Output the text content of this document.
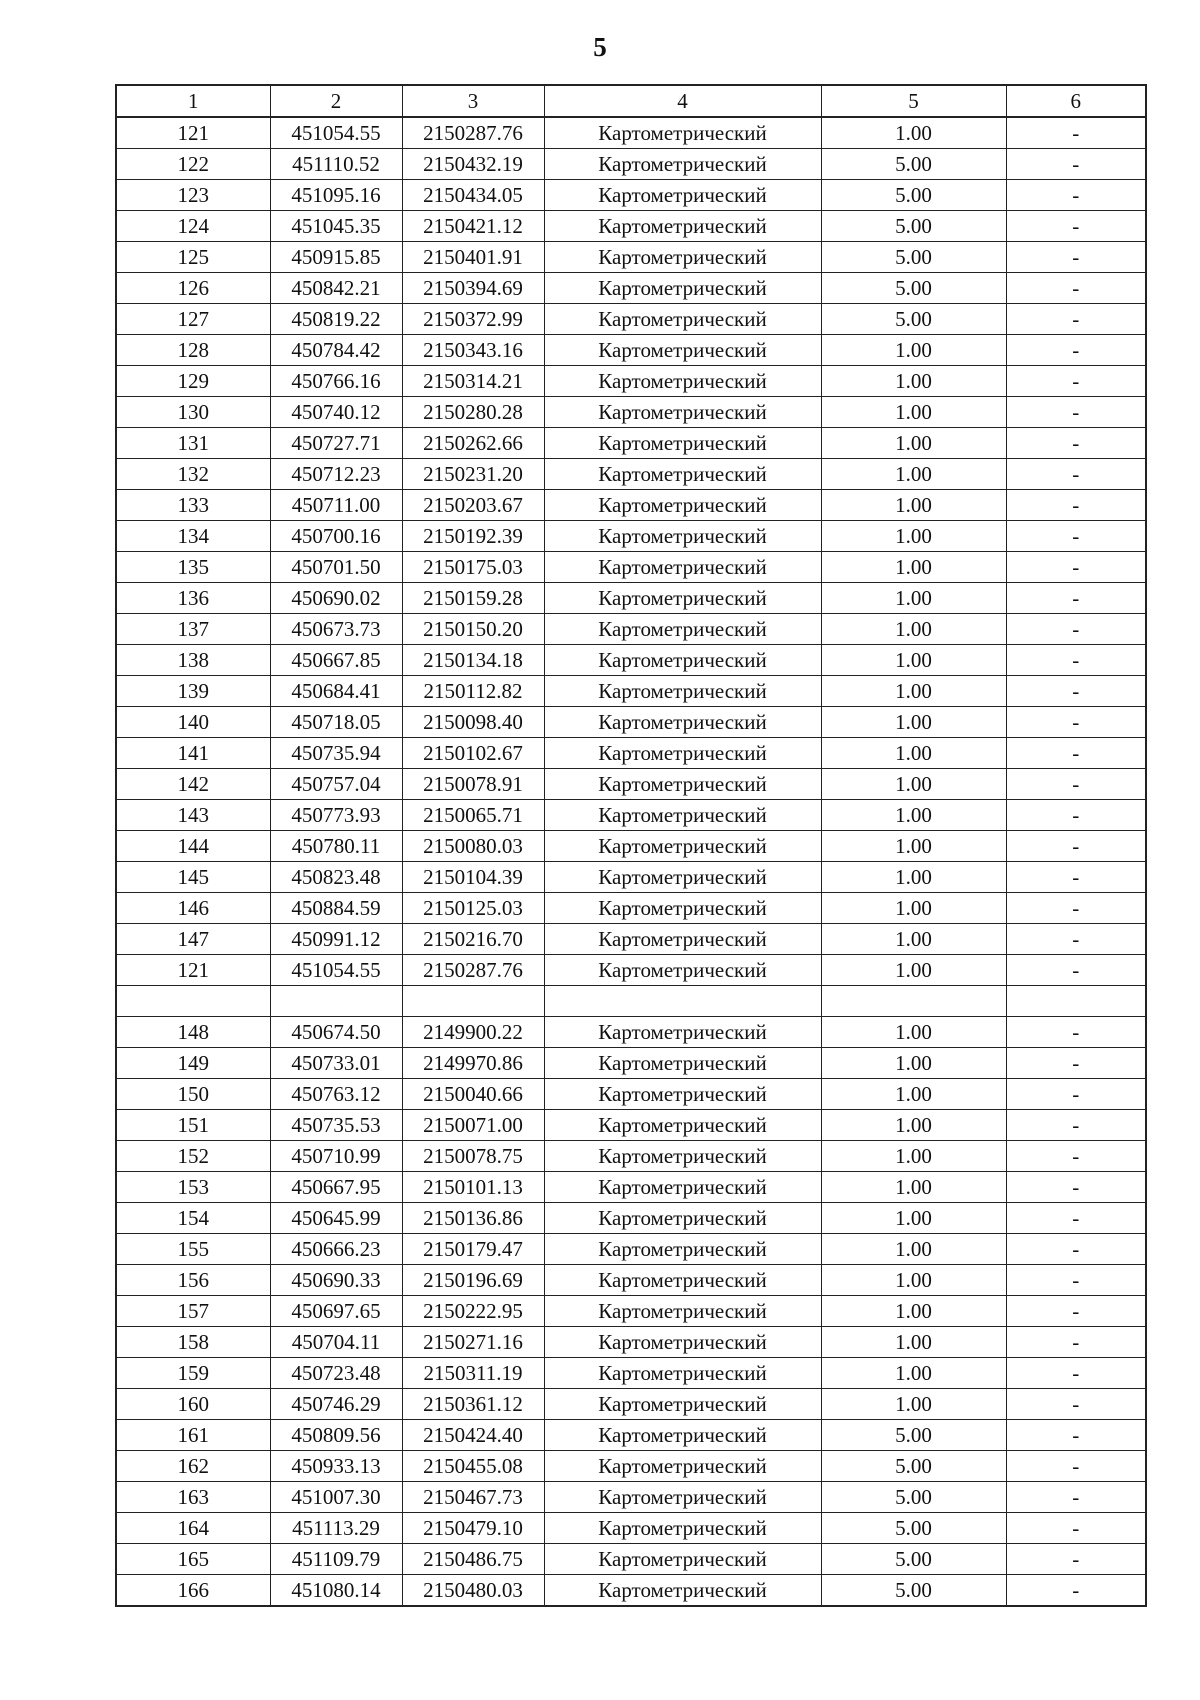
5
1	2	3	4	5	6
121	451054.55	2150287.76	Картометрический	1.00	-
122	451110.52	2150432.19	Картометрический	5.00	-
123	451095.16	2150434.05	Картометрический	5.00	-
124	451045.35	2150421.12	Картометрический	5.00	-
125	450915.85	2150401.91	Картометрический	5.00	-
126	450842.21	2150394.69	Картометрический	5.00	-
127	450819.22	2150372.99	Картометрический	5.00	-
128	450784.42	2150343.16	Картометрический	1.00	-
129	450766.16	2150314.21	Картометрический	1.00	-
130	450740.12	2150280.28	Картометрический	1.00	-
131	450727.71	2150262.66	Картометрический	1.00	-
132	450712.23	2150231.20	Картометрический	1.00	-
133	450711.00	2150203.67	Картометрический	1.00	-
134	450700.16	2150192.39	Картометрический	1.00	-
135	450701.50	2150175.03	Картометрический	1.00	-
136	450690.02	2150159.28	Картометрический	1.00	-
137	450673.73	2150150.20	Картометрический	1.00	-
138	450667.85	2150134.18	Картометрический	1.00	-
139	450684.41	2150112.82	Картометрический	1.00	-
140	450718.05	2150098.40	Картометрический	1.00	-
141	450735.94	2150102.67	Картометрический	1.00	-
142	450757.04	2150078.91	Картометрический	1.00	-
143	450773.93	2150065.71	Картометрический	1.00	-
144	450780.11	2150080.03	Картометрический	1.00	-
145	450823.48	2150104.39	Картометрический	1.00	-
146	450884.59	2150125.03	Картометрический	1.00	-
147	450991.12	2150216.70	Картометрический	1.00	-
121	451054.55	2150287.76	Картометрический	1.00	-

148	450674.50	2149900.22	Картометрический	1.00	-
149	450733.01	2149970.86	Картометрический	1.00	-
150	450763.12	2150040.66	Картометрический	1.00	-
151	450735.53	2150071.00	Картометрический	1.00	-
152	450710.99	2150078.75	Картометрический	1.00	-
153	450667.95	2150101.13	Картометрический	1.00	-
154	450645.99	2150136.86	Картометрический	1.00	-
155	450666.23	2150179.47	Картометрический	1.00	-
156	450690.33	2150196.69	Картометрический	1.00	-
157	450697.65	2150222.95	Картометрический	1.00	-
158	450704.11	2150271.16	Картометрический	1.00	-
159	450723.48	2150311.19	Картометрический	1.00	-
160	450746.29	2150361.12	Картометрический	1.00	-
161	450809.56	2150424.40	Картометрический	5.00	-
162	450933.13	2150455.08	Картометрический	5.00	-
163	451007.30	2150467.73	Картометрический	5.00	-
164	451113.29	2150479.10	Картометрический	5.00	-
165	451109.79	2150486.75	Картометрический	5.00	-
166	451080.14	2150480.03	Картометрический	5.00	-
